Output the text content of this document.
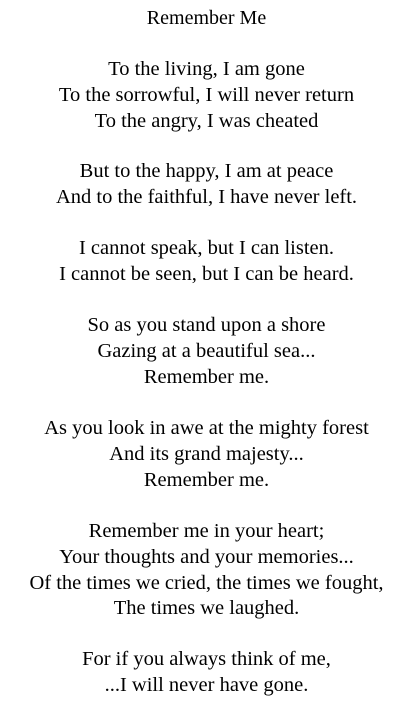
Remember Me
To the living, I am gone
To the sorrowful, I will never return
To the angry, I was cheated
But to the happy, I am at peace
And to the faithful, I have never left.
I cannot speak, but I can listen.
I cannot be seen, but I can be heard.
So as you stand upon a shore
Gazing at a beautiful sea...
Remember me.
As you look in awe at the mighty forest
And its grand majesty...
Remember me.
Remember me in your heart;
Your thoughts and your memories...
Of the times we cried, the times we fought,
The times we laughed.
For if you always think of me,
...I will never have gone.
